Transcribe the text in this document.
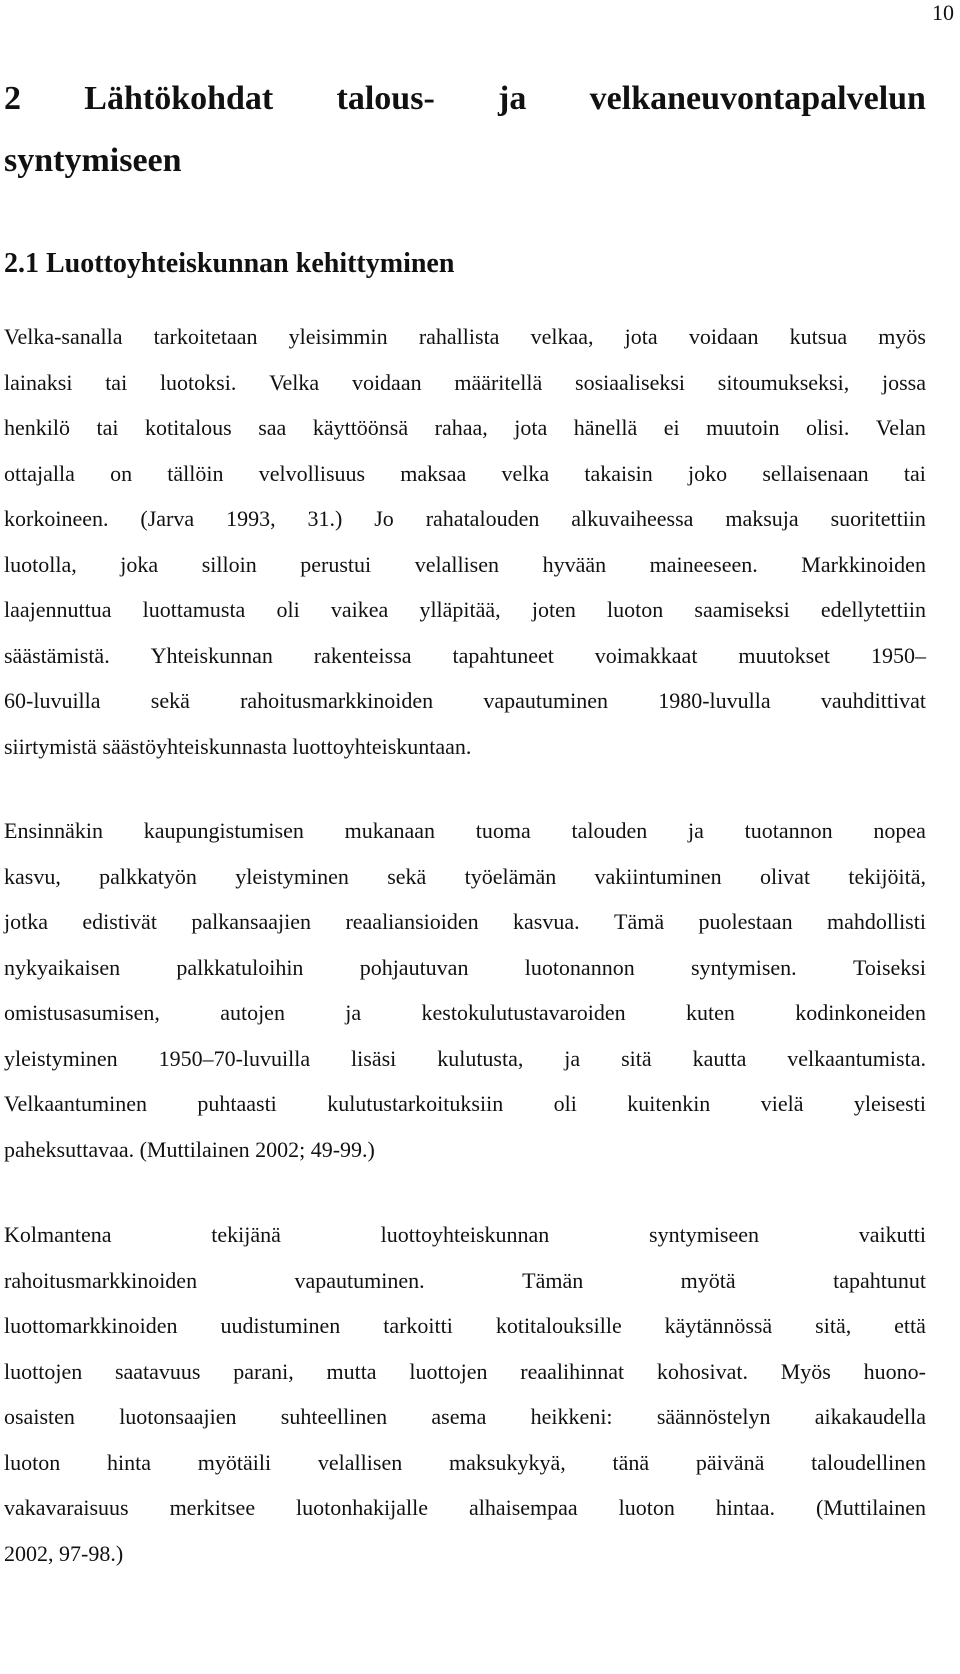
10
2 Lähtökohdat talous- ja velkaneuvontapalvelun
syntymiseen
2.1 Luottoyhteiskunnan kehittyminen
Velka-sanalla tarkoitetaan yleisimmin rahallista velkaa, jota voidaan kutsua myös
lainaksi tai luotoksi. Velka voidaan määritellä sosiaaliseksi sitoumukseksi, jossa
henkilö tai kotitalous saa käyttöönsä rahaa, jota hänellä ei muutoin olisi. Velan
ottajalla on tällöin velvollisuus maksaa velka takaisin joko sellaisenaan tai
korkoineen. (Jarva 1993, 31.) Jo rahatalouden alkuvaiheessa maksuja suoritettiin
luotolla, joka silloin perustui velallisen hyvään maineeseen. Markkinoiden
laajennuttua luottamusta oli vaikea ylläpitää, joten luoton saamiseksi edellytettiin
säästämistä. Yhteiskunnan rakenteissa tapahtuneet voimakkaat muutokset 1950–
60-luvuilla sekä rahoitusmarkkinoiden vapautuminen 1980-luvulla vauhdittivat
siirtymistä säästöyhteiskunnasta luottoyhteiskuntaan.
Ensinnäkin kaupungistumisen mukanaan tuoma talouden ja tuotannon nopea
kasvu, palkkatyön yleistyminen sekä työelämän vakiintuminen olivat tekijöitä,
jotka edistivät palkansaajien reaaliansioiden kasvua. Tämä puolestaan mahdollisti
nykyaikaisen	palkkatuloihin	pohjautuvan	luotonannon	syntymisen.	Toiseksi
omistusasumisen,	autojen	ja	kestokulutustavaroiden	kuten	kodinkoneiden
yleistyminen 1950–70-luvuilla lisäsi kulutusta, ja sitä kautta velkaantumista.
Velkaantuminen puhtaasti kulutustarkoituksiin oli kuitenkin vielä yleisesti
paheksuttavaa. (Muttilainen 2002; 49-99.)
Kolmantena	tekijänä	luottoyhteiskunnan	syntymiseen	vaikutti
rahoitusmarkkinoiden	vapautuminen.	Tämän	myötä	tapahtunut
luottomarkkinoiden uudistuminen tarkoitti kotitalouksille käytännössä sitä, että
luottojen saatavuus parani, mutta luottojen reaalihinnat kohosivat. Myös huono-
osaisten luotonsaajien suhteellinen asema heikkeni: säännöstelyn aikakaudella
luoton hinta myötäili velallisen maksukykyä, tänä päivänä taloudellinen
vakavaraisuus merkitsee luotonhakijalle alhaisempaa luoton hintaa. (Muttilainen
2002, 97-98.)
